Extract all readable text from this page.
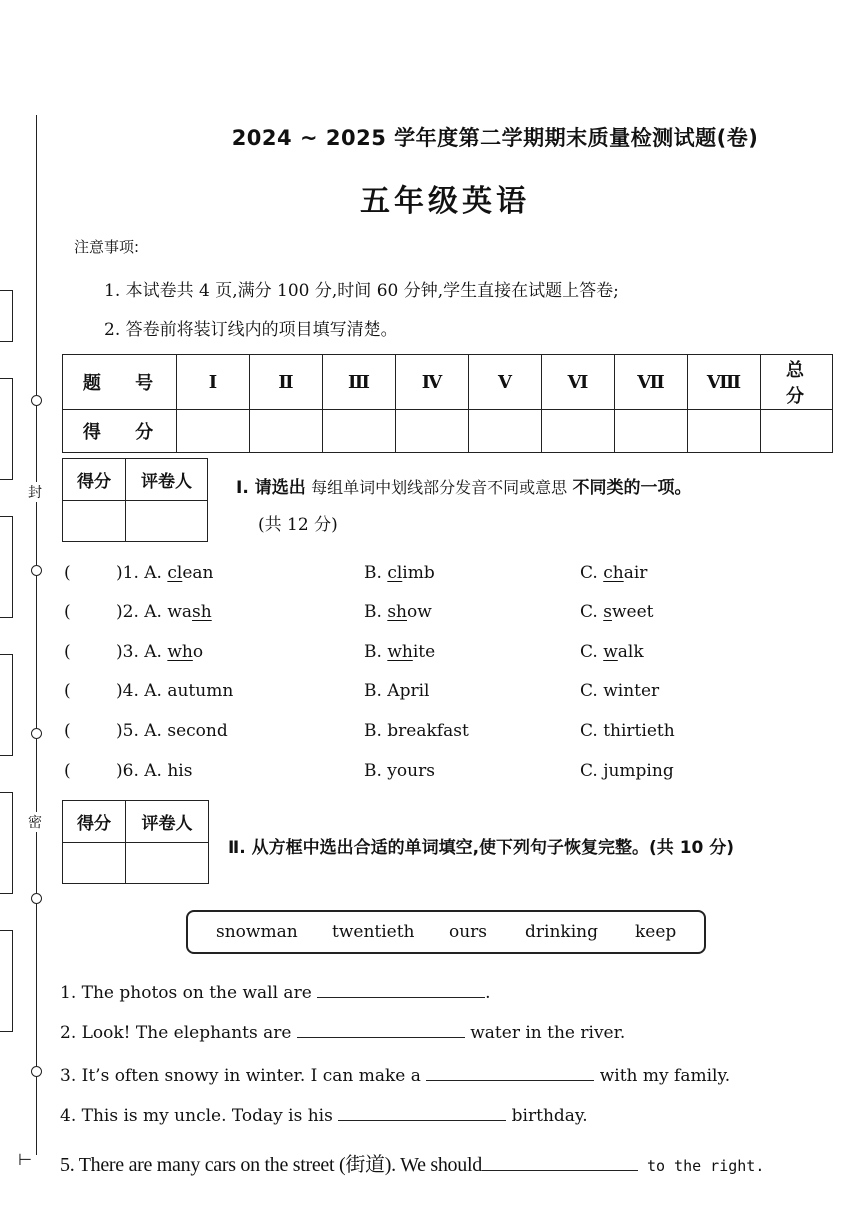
封
密
⊢
2024 ~ 2025 学年度第二学期期末质量检测试题(卷)
五年级英语
注意事项:
1. 本试卷共 4 页,满分 100 分,时间 60 分钟,学生直接在试题上答卷;
2. 答卷前将装订线内的项目填写清楚。
题 号	Ⅰ	Ⅱ	Ⅲ	Ⅳ	Ⅴ	Ⅵ	Ⅶ	Ⅷ	总 分
得 分									
得分	评卷人
		Ⅰ. 请选出 每组单词中划线部分发音不同或意思 不同类的一项。
(共 12 分)
(	)1. A. clean	B. climb	C. chair
(	)2. A. wash	B. show	C. sweet
(	)3. A. who	B. white	C. walk
(	)4. A. autumn	B. April	C. winter
(	)5. A. second	B. breakfast	C. thirtieth
(	)6. A. his	B. yours	C. jumping
得分	评卷人

Ⅱ. 从方框中选出合适的单词填空,使下列句子恢复完整。(共 10 分)
snowman twentieth ours drinking keep
1. The photos on the wall are	.
2. Look! The elephants are	water in the river.
3. It’s often snowy in winter. I can make a	with my family.
4. This is my uncle. Today is his	birthday.
5. There are many cars on the street (街道). We should	to the right.
